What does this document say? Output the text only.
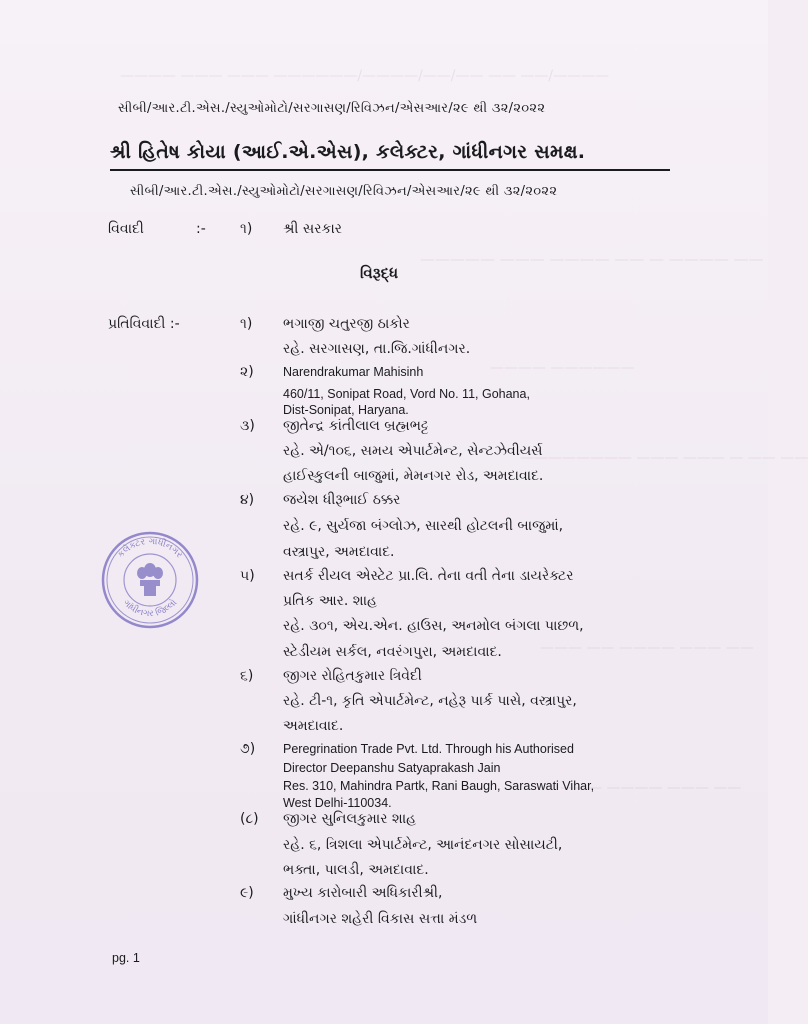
———— ——— ——— ——————/————/——/—— —— ——/————
————— ——— ———— —— — ———— ——
———— ——————
———————— ——— ——— — —— ——
——— —— ———— ——— ——
——— ———— ——— ——
સીબી/આર.ટી.એસ./સ્યુઓમોટો/સરગાસણ/રિવિઝન/એસઆર/૨૯ થી ૩૨/૨૦૨૨
શ્રી હિતેષ કોયા (આઈ.એ.એસ), કલેક્ટર, ગાંધીનગર સમક્ષ.
સીબી/આર.ટી.એસ./સ્યુઓમોટો/સરગાસણ/રિવિઝન/એસઆર/૨૯ થી ૩૨/૨૦૨૨
વિવાદી	:- ૧) શ્રી સરકાર
વિરૂદ્ધ
પ્રતિવિવાદી :-	૧) ભગાજી ચતુરજી ઠાકોર
રહે. સરગાસણ, તા.જિ.ગાંધીનગર.
૨) Narendrakumar Mahisinh
460/11, Sonipat Road, Vord No. 11, Gohana,
Dist-Sonipat, Haryana.
૩) જીતેન્દ્ર કાંતીલાલ બ્રહ્મભટ્ટ
રહે. એ/૧૦૬, સમય એપાર્ટમેન્ટ, સેન્ટઝેવીયર્સ
હાઈસ્કુલની બાજુમાં, મેમનગર રોડ, અમદાવાદ.
૪) જયેશ ધીરૂભાઈ ઠક્કર
રહે. ૯, સુર્યજા બંગ્લોઝ, સારથી હોટલની બાજુમાં,
વસ્ત્રાપુર, અમદાવાદ.
૫) સતર્ક રીયલ એસ્ટેટ પ્રા.લિ. તેના વતી તેના ડાયરેક્ટર
પ્રતિક આર. શાહ
રહે. ૩૦૧, એચ.એન. હાઉસ, અનમોલ બંગલા પાછળ,
સ્ટેડીયમ સર્કલ, નવરંગપુરા, અમદાવાદ.
૬) જીગર રોહિતકુમાર ત્રિવેદી
રહે. ટી-૧, કૃતિ એપાર્ટમેન્ટ, નહેરૂ પાર્ક પાસે, વસ્ત્રાપુર,
અમદાવાદ.
૭) Peregrination Trade Pvt. Ltd. Through his Authorised
Director Deepanshu Satyaprakash Jain
Res. 310, Mahindra Partk, Rani Baugh, Saraswati Vihar,
West Delhi-110034.
(૮) જીગર સુનિલકુમાર શાહ
રહે. ૬, ત્રિશલા એપાર્ટમેન્ટ, આનંદનગર સોસાયટી,
ભક્તા, પાલડી, અમદાવાદ.
૯) મુખ્ય કારોબારી અધિકારીશ્રી,
ગાંધીનગર શહેરી વિકાસ સત્તા મંડળ
કલેક્ટર ગાંધીનગર
ગાંધીનગર જિલ્લો
pg. 1
